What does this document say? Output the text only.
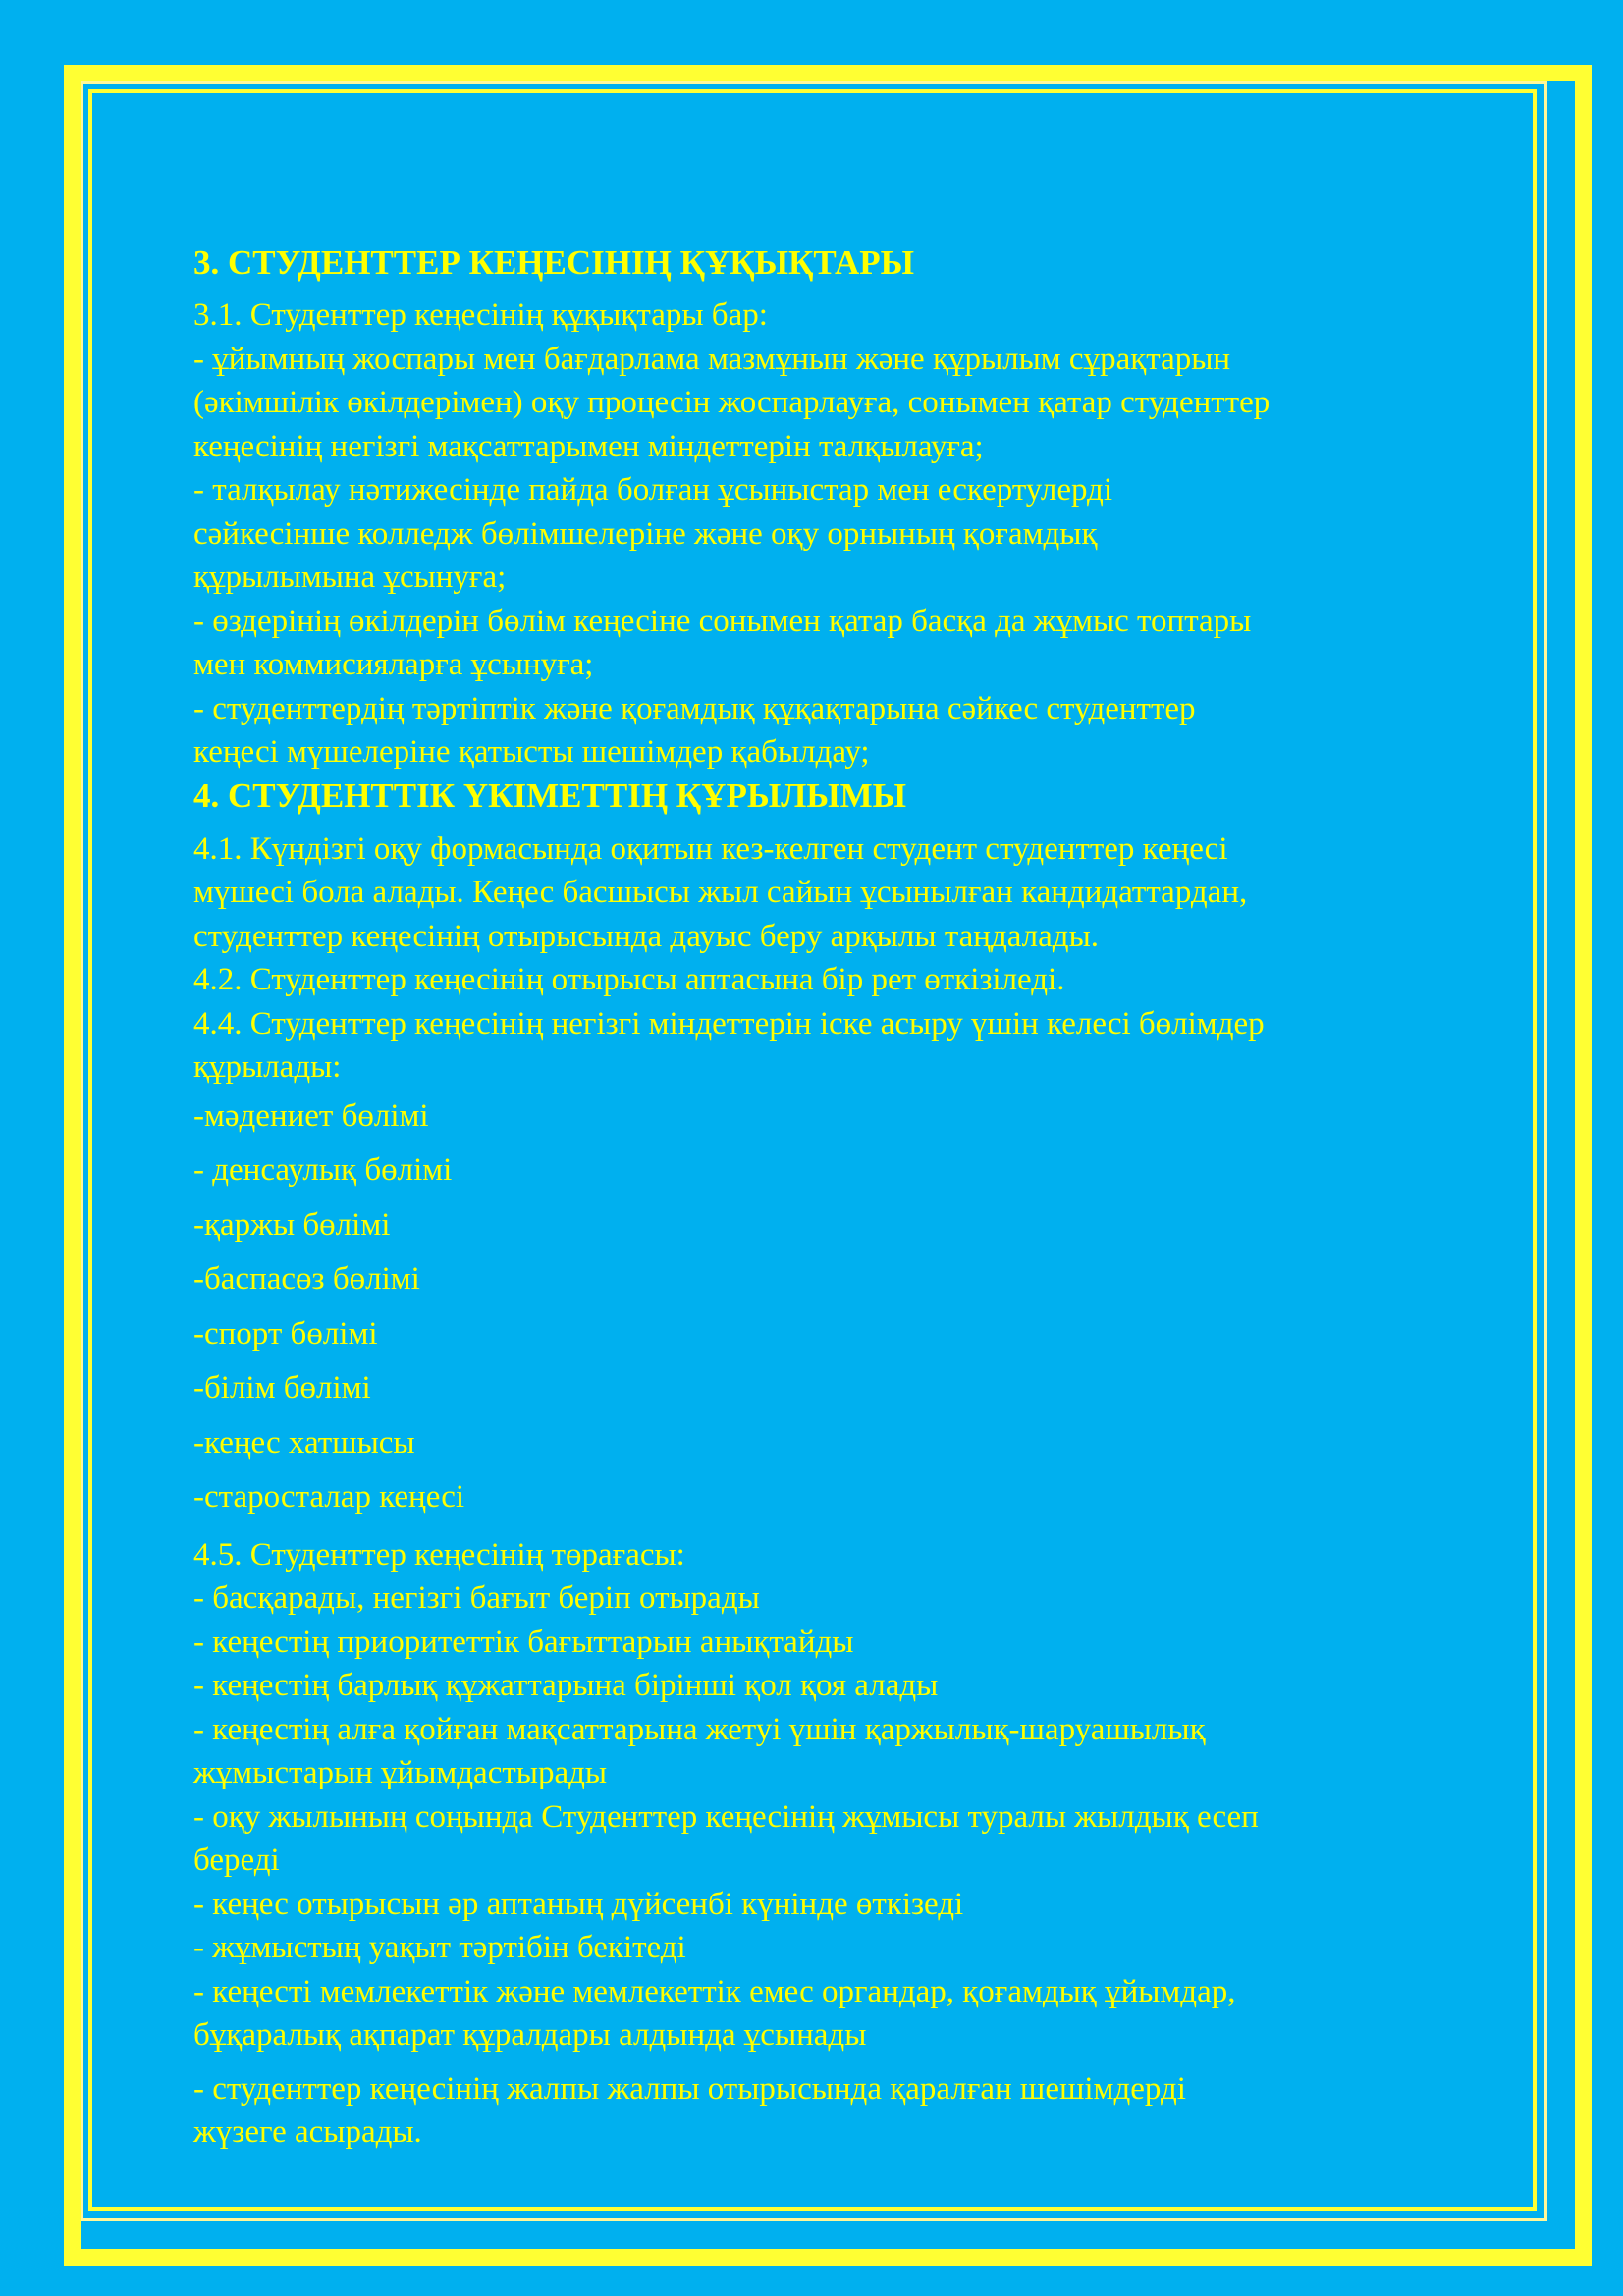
3. СТУДЕНТТЕР КЕҢЕСІНІҢ ҚҰҚЫҚТАРЫ
3.1. Студенттер кеңесінің құқықтары бар:
- ұйымның жоспары мен бағдарлама мазмұнын және құрылым сұрақтарын
(әкімшілік өкілдерімен) оқу процесін жоспарлауға, сонымен қатар студенттер
кеңесінің негізгі мақсаттарымен міндеттерін талқылауға;
- талқылау нәтижесінде пайда болған ұсыныстар мен ескертулерді
сәйкесінше колледж бөлімшелеріне және оқу орнының қоғамдық
құрылымына ұсынуға;
- өздерінің өкілдерін бөлім кеңесіне сонымен қатар басқа да жұмыс топтары
мен коммисияларға ұсынуға;
- студенттердің тәртіптік және қоғамдық құқақтарына сәйкес студенттер
кеңесі мүшелеріне қатысты шешімдер қабылдау;
4. СТУДЕНТТІК ҮКІМЕТТІҢ ҚҰРЫЛЫМЫ
4.1. Күндізгі оқу формасында оқитын кез-келген студент студенттер кеңесі
мүшесі бола алады. Кеңес басшысы жыл сайын ұсынылған кандидаттардан,
студенттер кеңесінің отырысында дауыс беру арқылы таңдалады.
4.2. Студенттер кеңесінің отырысы аптасына бір рет өткізіледі.
4.4. Студенттер кеңесінің негізгі міндеттерін іске асыру үшін келесі бөлімдер
құрылады:
-мәдениет бөлімі
- денсаулық бөлімі
-қаржы бөлімі
-баспасөз бөлімі
-спорт бөлімі
-білім бөлімі
-кеңес хатшысы
-старосталар кеңесі
4.5. Студенттер кеңесінің төрағасы:
- басқарады, негізгі бағыт беріп отырады
- кеңестің приоритеттік бағыттарын анықтайды
- кеңестің барлық құжаттарына бірінші қол қоя алады
- кеңестің алға қойған мақсаттарына жетуі үшін қаржылық-шаруашылық
жұмыстарын ұйымдастырады
- оқу жылының соңында Студенттер кеңесінің жұмысы туралы жылдық есеп
береді
- кеңес отырысын әр аптаның дүйсенбі күнінде өткізеді
- жұмыстың уақыт тәртібін бекітеді
- кеңесті мемлекеттік және мемлекеттік емес органдар, қоғамдық ұйымдар,
бұқаралық ақпарат құралдары алдында ұсынады
- студенттер кеңесінің жалпы жалпы отырысында қаралған шешімдерді
жүзеге асырады.
